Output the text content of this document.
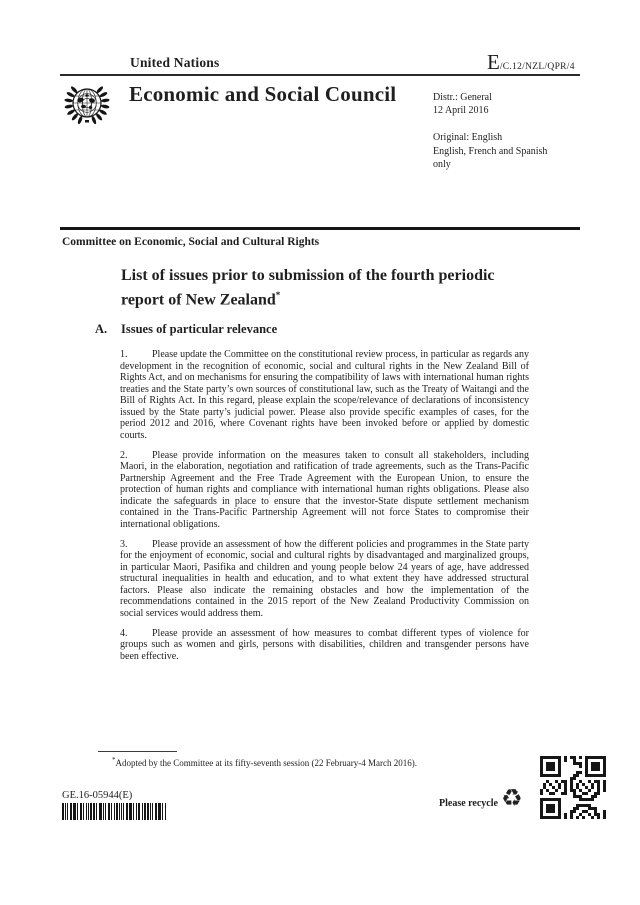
United Nations	E/C.12/NZL/QPR/4
Economic and Social Council	Distr.: General
12 April 2016
Original: English
English, French and Spanish
only
Committee on Economic, Social and Cultural Rights
List of issues prior to submission of the fourth periodic
report of New Zealand*
A. Issues of particular relevance

1. Please update the Committee on the constitutional review process, in particular as regards any development in the recognition of economic, social and cultural rights in the New Zealand Bill of Rights Act, and on mechanisms for ensuring the compatibility of laws with international human rights treaties and the State party’s own sources of constitutional law, such as the Treaty of Waitangi and the Bill of Rights Act. In this regard, please explain the scope/relevance of declarations of inconsistency issued by the State party’s judicial power. Please also provide specific examples of cases, for the period 2012 and 2016, where Covenant rights have been invoked before or applied by domestic courts.

2. Please provide information on the measures taken to consult all stakeholders, including Maori, in the elaboration, negotiation and ratification of trade agreements, such as the Trans-Pacific Partnership Agreement and the Free Trade Agreement with the European Union, to ensure the protection of human rights and compliance with international human rights obligations. Please also indicate the safeguards in place to ensure that the investor-State dispute settlement mechanism contained in the Trans-Pacific Partnership Agreement will not force States to compromise their international obligations.

3. Please provide an assessment of how the different policies and programmes in the State party for the enjoyment of economic, social and cultural rights by disadvantaged and marginalized groups, in particular Maori, Pasifika and children and young people below 24 years of age, have addressed structural inequalities in health and education, and to what extent they have addressed structural factors. Please also indicate the remaining obstacles and how the implementation of the recommendations contained in the 2015 report of the New Zealand Productivity Commission on social services would address them.

4. Please provide an assessment of how measures to combat different types of violence for groups such as women and girls, persons with disabilities, children and transgender persons have been effective.

*Adopted by the Committee at its fifty-seventh session (22 February-4 March 2016).
GE.16-05944(E)
Please recycle ♻
